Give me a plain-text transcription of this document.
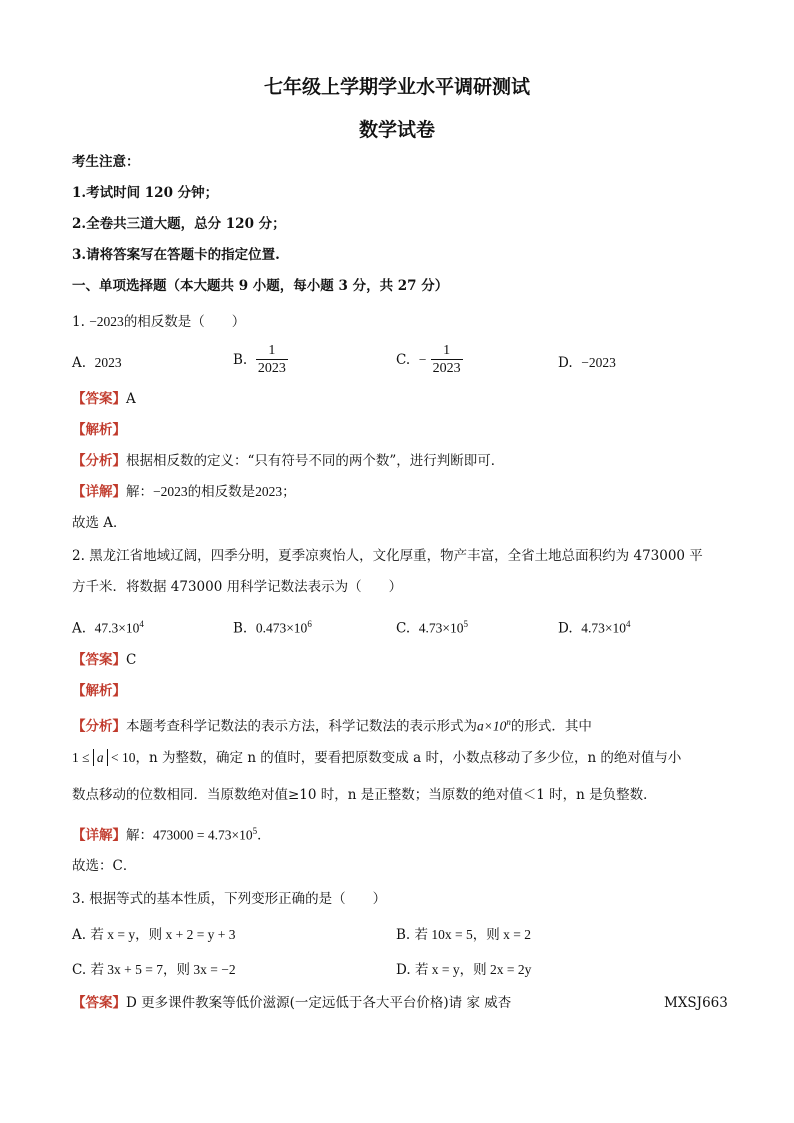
七年级上学期学业水平调研测试
数学试卷
考生注意：
1.考试时间 120 分钟；
2.全卷共三道大题，总分 120 分；
3.请将答案写在答题卡的指定位置.
一、单项选择题（本大题共 9 小题，每小题 3 分，共 27 分）
1. −2023的相反数是（　　）
A. 2023	B. $\frac{1}{2023}$	C. − $\frac{1}{2023}$	D. −2023
【答案】A
【解析】
【分析】根据相反数的定义：“只有符号不同的两个数”，进行判断即可．
【详解】解：−2023的相反数是2023；
故选 A．
2. 黑龙江省地域辽阔，四季分明，夏季凉爽怡人，文化厚重，物产丰富，全省土地总面积约为 473000 平
方千米．将数据 473000 用科学记数法表示为（　　）
A. $47.3\times 10^4$	B. $0.473\times 10^6$	C. $4.73\times 10^5$	D. $4.73\times 10^4$
【答案】C
【解析】
【分析】本题考查科学记数法的表示方法，科学记数法的表示形式为$a\times 10^n$的形式．其中
1 ≤ a < 10，n 为整数，确定 n 的值时，要看把原数变成 a 时，小数点移动了多少位，n 的绝对值与小
数点移动的位数相同．当原数绝对值≥10 时，n 是正整数；当原数的绝对值＜1 时，n 是负整数．
【详解】解：$473000 = 4.73\times 10^5$．
故选：C．
3. 根据等式的基本性质，下列变形正确的是（　　）
A. 若 x = y，则 x + 2 = y + 3	B. 若 10x = 5，则 x = 2
C. 若 3x + 5 = 7，则 3x = −2	D. 若 x = y，则 2x = 2y
【答案】D 更多课件教案等低价滋源(一定远低于各大平台价格)请 家 威杏	MXSJ663
